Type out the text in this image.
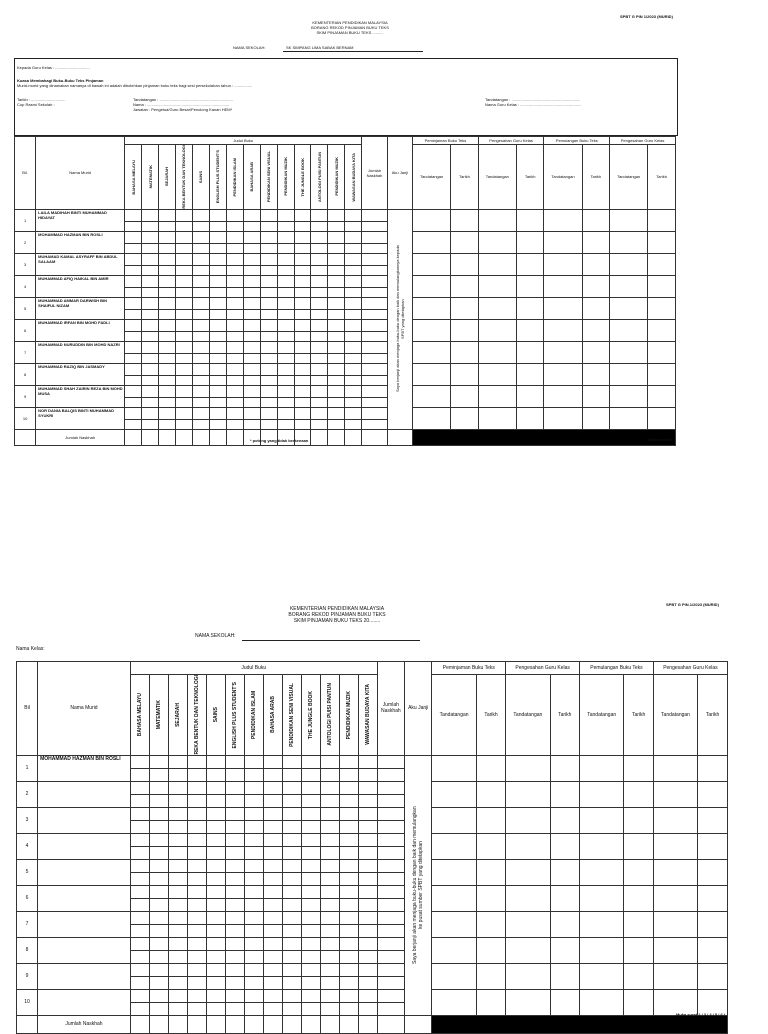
SPBT G PIN 1/2023 (MURID)
KEMENTERIAN PENDIDIKAN MALAYSIA
BORANG REKOD PINJAMAN BUKU TEKS
SKIM PINJAMAN BUKU TEKS ..........
NAMA SEKOLAH:	SK SIMPANG LIMA SABAK BERNAM
Kepada Guru Kelas : ...............................
Kuasa Membahagi Buku-Buku Teks Pinjaman
Murid-murid yang dinamakan namanya di bawah ini adalah dibolehkan pinjaman buku teks bagi sesi persekolahan tahun : ................
Tarikh : ...............................
Cop Rasmi Sekolah :
Tandatangan : ..................................................................
Nama : ..........................................................................
Jawatan : Pengetua/Guru Besar/Penolong Kanan HEM*
Tandatangan : ..............................................................
Nama Guru Kelas : .......................................................
Bil.	Nama Murid	Judul Buku														Jumlah Naskhah	Aku Janji	Peminjaman Buku Teks		Pengesahan Guru Kelas		Pemulangan Buku Teks		Pengesahan Guru Kelas	

		BAHASA MELAYU	MATEMATIK	SEJARAH	REKA BENTUK DAN TEKNOLOGI	SAINS	ENGLISH PLUS STUDENT'S	PENDIDIKAN ISLAM	BAHASA ARAB	PENDIDIKAN SENI VISUAL	PENDIDIKAN MUZIK	THE JUNGLE BOOK	ANTOLOGI PUISI PANTUN	PENDIDIKAN MUZIK	WAWASAN BUDAYA KITA			Tandatangan	Tarikh	Tandatangan	Tarikh	Tandatangan	Tarikh	Tandatangan	Tarikh

1	LAILA MADIHAH BINTI MUHAMMAD HIDAYAT																Saya berjanji akan menjaga buku-buku dengan baik dan memulangkannya kepada SPBT yang ditetapkan								

2	MOHAMMAD HAZMAN BIN ROSLI																								

3	MUHAMAD KAMAL ASYRAFF BIN ABDUL SALAAM																								

4	MUHAMMAD AFIQ HAIKAL BIN AMIR																								

5	MUHAMMAD AMMAR DARWISH BIN SHAIFUL NIZAM																								

6	MUHAMMAD IRFAN BIN MOHD FADLI																								

7	MUHAMMAD NURUDDIN BIN MOHD NAZRI																								

8	MUHAMMAD RAZIQ BIN JASMADY																								

9	MUHAMMAD SHAH ZAIRIN REZA BIN MOHD MUSA																								

10	NOR DANIA BALQIS BINTI MUHAMMAD SYUKRI																								

	Jumlah Naskhah																								
* potong yang tidak berkenaan	Muka surat 1
SPBT G PIN.1/2023 (MURID)
KEMENTERIAN PENDIDIKAN MALAYSIA
BORANG REKOD PINJAMAN BUKU TEKS
SKIM PINJAMAN BUKU TEKS 20........
NAMA SEKOLAH:
Nama Kelas:
Bil	Nama Murid	Judul Buku													Jumlah Naskhah	Aku Janji	Peminjaman Buku Teks		Pengesahan Guru Kelas		Pemulangan Buku Teks		Pengesahan Guru Kelas	

		BAHASA MELAYU	MATEMATIK	SEJARAH	REKA BENTUK DAN TEKNOLOGI	SAINS	ENGLISH PLUS STUDENT'S	PENDIDIKAN ISLAM	BAHASA ARAB	PENDIDIKAN SENI VISUAL	THE JUNGLE BOOK	ANTOLOGI PUISI PANTUN	PENDIDIKAN MUZIK	WAWASAN BUDAYA KITA			Tandatangan	Tarikh	Tandatangan	Tarikh	Tandatangan	Tarikh	Tandatangan	Tarikh

1	MOHAMMAD HAZMAN BIN ROSLI															Saya berjanji akan menjaga buku-buku dengan baik dan memulangkan ke pusat sumber SPBT yang ditetapkan								

2																								

3																								

4																								

5																								

6																								

7																								

8																								

9																								

10																								

	Jumlah Naskhah																							
Muka surat 2 / 3 / 4 / 5 / 6 *
